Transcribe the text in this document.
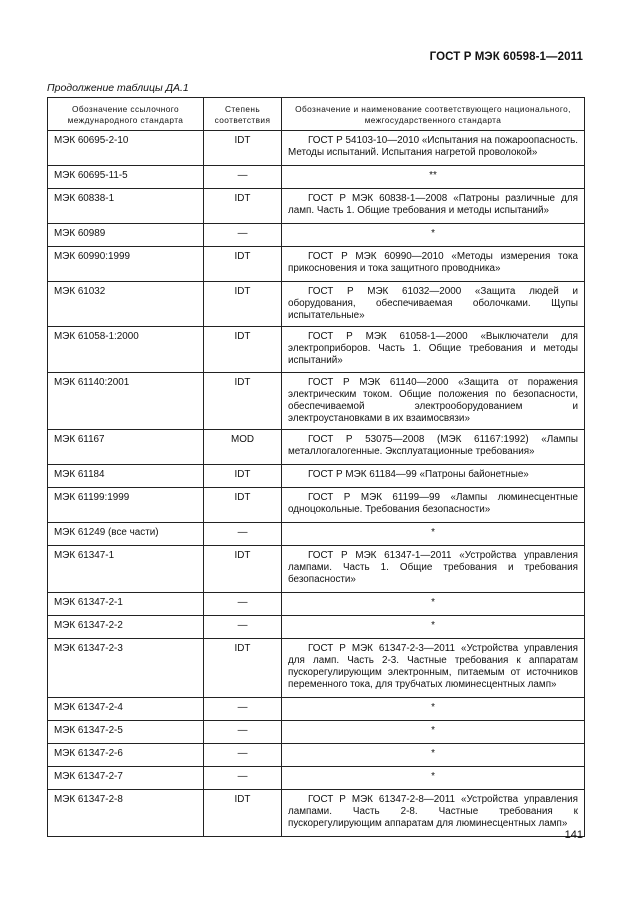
ГОСТ Р МЭК 60598-1—2011
Продолжение таблицы ДА.1
Обозначение ссылочного международного стандарта	Степень соответствия	Обозначение и наименование соответствующего национального, межгосударственного стандарта
МЭК 60695-2-10	IDT	ГОСТ Р 54103-10—2010 «Испытания на пожароопасность. Методы испытаний. Испытания нагретой проволокой»

МЭК 60695-11-5	—	**
МЭК 60838-1	IDT	ГОСТ Р МЭК 60838-1—2008 «Патроны различные для ламп. Часть 1. Общие требования и методы испытаний»

МЭК 60989	—	*
МЭК 60990:1999	IDT	ГОСТ Р МЭК 60990—2010 «Методы измерения тока прикосновения и тока защитного проводника»

МЭК 61032	IDT	ГОСТ Р МЭК 61032—2000 «Защита людей и оборудования, обеспечиваемая оболочками. Щупы испытательные»

МЭК 61058-1:2000	IDT	ГОСТ Р МЭК 61058-1—2000 «Выключатели для электроприборов. Часть 1. Общие требования и методы испытаний»

МЭК 61140:2001	IDT	ГОСТ Р МЭК 61140—2000 «Защита от поражения электрическим током. Общие положения по безопасности, обеспечиваемой электрооборудованием и электроустановками в их взаимосвязи»

МЭК 61167	MOD	ГОСТ Р 53075—2008 (МЭК 61167:1992) «Лампы металлогалогенные. Эксплуатационные требования»

МЭК 61184	IDT	ГОСТ Р МЭК 61184—99 «Патроны байонетные»

МЭК 61199:1999	IDT	ГОСТ Р МЭК 61199—99 «Лампы люминесцентные одноцокольные. Требования безопасности»

МЭК 61249 (все части)	—	*
МЭК 61347-1	IDT	ГОСТ Р МЭК 61347-1—2011 «Устройства управления лампами. Часть 1. Общие требования и требования безопасности»

МЭК 61347-2-1	—	*
МЭК 61347-2-2	—	*
МЭК 61347-2-3	IDT	ГОСТ Р МЭК 61347-2-3—2011 «Устройства управления для ламп. Часть 2-3. Частные требования к аппаратам пускорегулирующим электронным, питаемым от источников переменного тока, для трубчатых люминесцентных ламп»

МЭК 61347-2-4	—	*
МЭК 61347-2-5	—	*
МЭК 61347-2-6	—	*
МЭК 61347-2-7	—	*
МЭК 61347-2-8	IDT	ГОСТ Р МЭК 61347-2-8—2011 «Устройства управления лампами. Часть 2-8. Частные требования к пускорегулирующим аппаратам для люминесцентных ламп»
141
